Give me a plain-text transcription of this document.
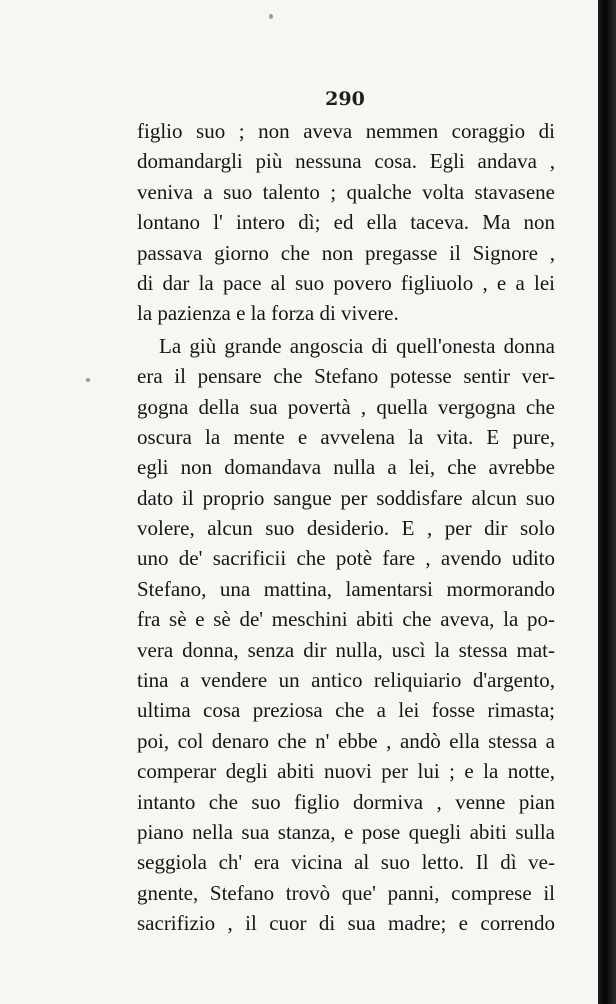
290
figlio suo ; non aveva nemmen coraggio di
domandargli più nessuna cosa. Egli andava ,
veniva a suo talento ; qualche volta stavasene
lontano l' intero dì; ed ella taceva. Ma non
passava giorno che non pregasse il Signore ,
di dar la pace al suo povero figliuolo , e a lei
la pazienza e la forza di vivere.
La giù grande angoscia di quell'onesta donna
era il pensare che Stefano potesse sentir ver-
gogna della sua povertà , quella vergogna che
oscura la mente e avvelena la vita. E pure,
egli non domandava nulla a lei, che avrebbe
dato il proprio sangue per soddisfare alcun suo
volere, alcun suo desiderio. E , per dir solo
uno de' sacrificii che potè fare , avendo udito
Stefano, una mattina, lamentarsi mormorando
fra sè e sè de' meschini abiti che aveva, la po-
vera donna, senza dir nulla, uscì la stessa mat-
tina a vendere un antico reliquiario d'argento,
ultima cosa preziosa che a lei fosse rimasta;
poi, col denaro che n' ebbe , andò ella stessa a
comperar degli abiti nuovi per lui ; e la notte,
intanto che suo figlio dormiva , venne pian
piano nella sua stanza, e pose quegli abiti sulla
seggiola ch' era vicina al suo letto. Il dì ve-
gnente, Stefano trovò que' panni, comprese il
sacrifizio , il cuor di sua madre; e correndo
